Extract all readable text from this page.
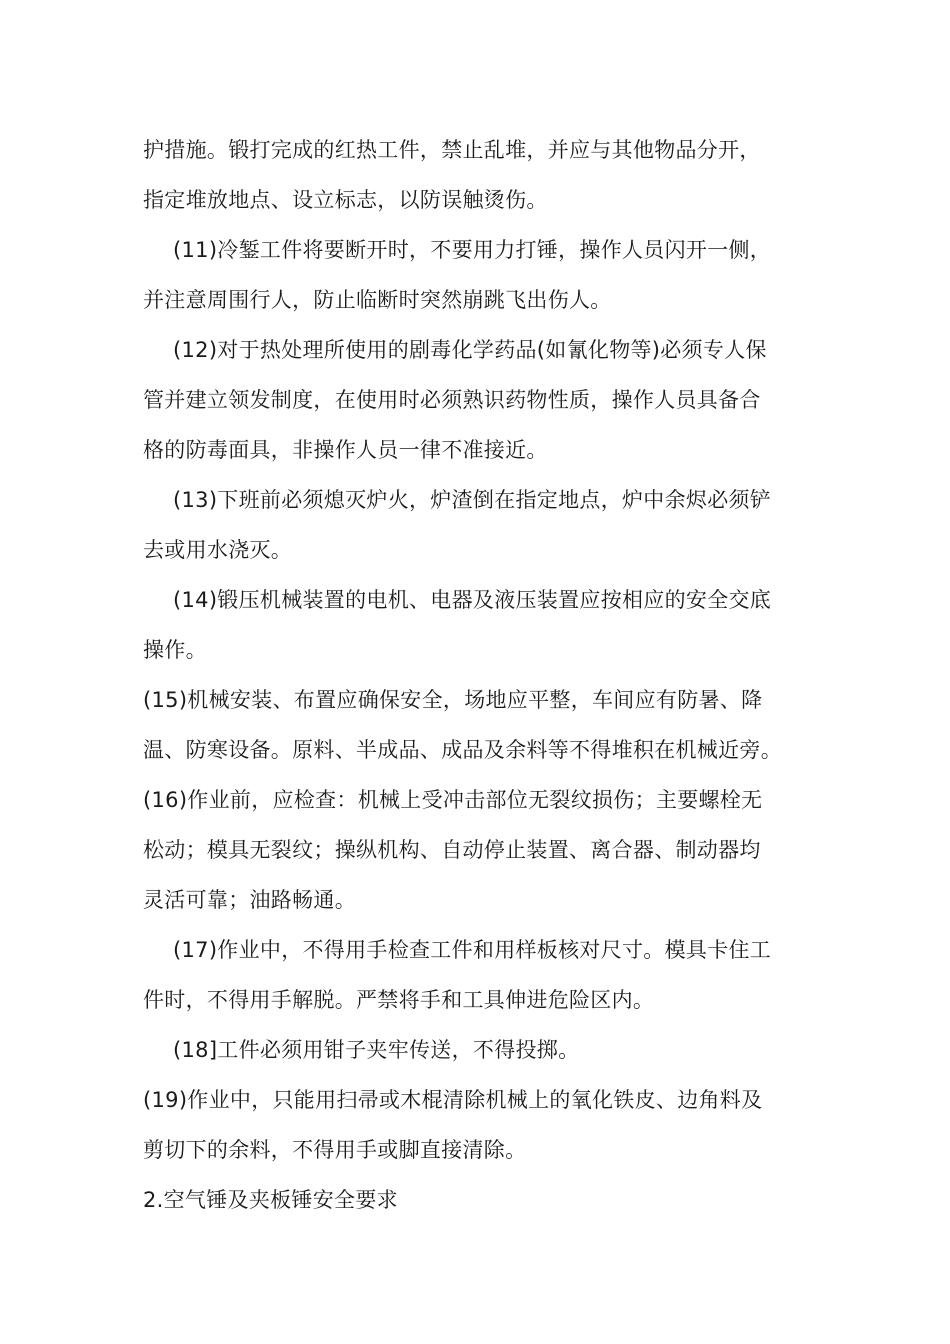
护措施。锻打完成的红热工件，禁止乱堆，并应与其他物品分开，
指定堆放地点、设立标志，以防误触烫伤。
(11)冷錾工件将要断开时，不要用力打锤，操作人员闪开一侧，
并注意周围行人，防止临断时突然崩跳飞出伤人。
(12)对于热处理所使用的剧毒化学药品(如氰化物等)必须专人保
管并建立领发制度，在使用时必须熟识药物性质，操作人员具备合
格的防毒面具，非操作人员一律不准接近。
(13)下班前必须熄灭炉火，炉渣倒在指定地点，炉中余烬必须铲
去或用水浇灭。
(14)锻压机械装置的电机、电器及液压装置应按相应的安全交底
操作。
(15)机械安装、布置应确保安全，场地应平整，车间应有防暑、降
温、防寒设备。原料、半成品、成品及余料等不得堆积在机械近旁。
(16)作业前，应检查：机械上受冲击部位无裂纹损伤；主要螺栓无
松动；模具无裂纹；操纵机构、自动停止装置、离合器、制动器均
灵活可靠；油路畅通。
(17)作业中，不得用手检查工件和用样板核对尺寸。模具卡住工
件时，不得用手解脱。严禁将手和工具伸进危险区内。
(18]工件必须用钳子夹牢传送，不得投掷。
(19)作业中，只能用扫帚或木棍清除机械上的氧化铁皮、边角料及
剪切下的余料，不得用手或脚直接清除。
2.空气锤及夹板锤安全要求
